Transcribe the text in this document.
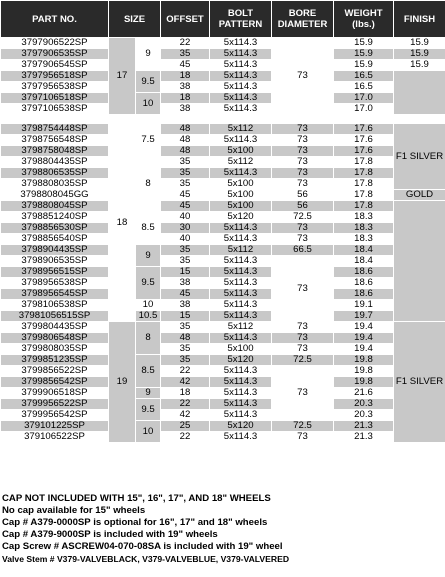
PART NO.	SIZE		OFFSET	BOLT PATTERN	BORE DIAMETER	WEIGHT (lbs.)	FINISH
3797906522SP	17	9	22	5x114.3	73	15.9	15.9
3797906535SP			35	5x114.3		15.9	15.9
3797906545SP			45	5x114.3		15.9	15.9
3797956518SP		9.5	18	5x114.3		16.5	
3797956538SP			38	5x114.3		16.5	
3797106518SP		10	18	5x114.3		17.0	
3797106538SP			38	5x114.3		17.0	

3798754448SP	18	7.5	48	5x112	73	17.6	F1 SILVER
3798756548SP			48	5x114.3	73	17.6	
3798758048SP			48	5x100	73	17.6	
3798804435SP		8	35	5x112	73	17.8	
3798806535SP			35	5x114.3	73	17.8	
3798808035SP			35	5x100	73	17.8	
3798808045GG			45	5x100	56	17.8	GOLD
3798808045SP			45	5x100	56	17.8	
3798851240SP		8.5	40	5x120	72.5	18.3	
3798856530SP			30	5x114.3	73	18.3	
3798856540SP			40	5x114.3	73	18.3	
3798904435SP		9	35	5x112	66.5	18.4	
3798906535SP			35	5x114.3	73	18.4	
3798956515SP		9.5	15	5x114.3		18.6	
3798956538SP			38	5x114.3		18.6	
3798956545SP			45	5x114.3		18.6	
3798106538SP		10	38	5x114.3		19.1	
37981056515SP		10.5	15	5x114.3		19.7	
3799804435SP	19	8	35	5x112	73	19.4	F1 SILVER
3799806548SP			48	5x114.3	73	19.4	
3799808035SP			35	5x100	73	19.4	
3799851235SP		8.5	35	5x120	72.5	19.8	
3799856522SP			22	5x114.3	73	19.8	
3799856542SP			42	5x114.3		19.8	
3799906518SP		9	18	5x114.3		21.6	
3799956522SP		9.5	22	5x114.3		20.3	
3799956542SP			42	5x114.3		20.3	
379101225SP		10	25	5x120	72.5	21.3	
379106522SP			22	5x114.3	73	21.3	
CAP NOT INCLUDED WITH 15", 16", 17", AND 18" WHEELS
No cap available for 15" wheels
Cap # A379-0000SP is optional for 16", 17" and 18" wheels
Cap # A379-9000SP is included with 19" wheels
Cap Screw # ASCREW04-070-08SA is included with 19" wheel
Valve Stem # V379-VALVEBLACK, V379-VALVEBLUE, V379-VALVERED
